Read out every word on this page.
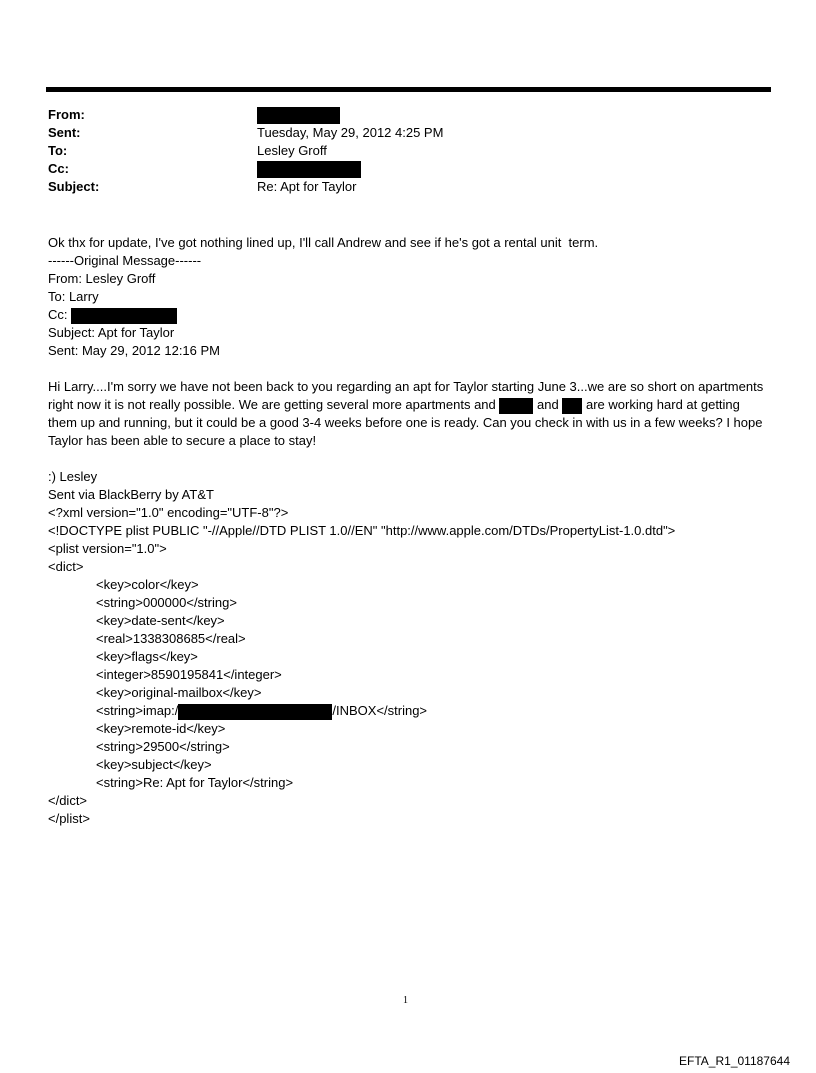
From:
Sent:	Tuesday, May 29, 2012 4:25 PM
To:	Lesley Groff
Cc:
Subject:	Re: Apt for Taylor
Ok thx for update, I've got nothing lined up, I'll call Andrew and see if he's got a rental unit  term.
------Original Message------
From: Lesley Groff
To: Larry
Cc:
Subject: Apt for Taylor
Sent: May 29, 2012 12:16 PM
Hi Larry....I'm sorry we have not been back to you regarding an apt for Taylor starting June 3...we are so short on apartments right now it is not really possible. We are getting several more apartments and	and are working hard at getting them up and running, but it could be a good 3-4 weeks before one is ready. Can you check in with us in a few weeks? I hope Taylor has been able to secure a place to stay!
:) Lesley
Sent via BlackBerry by AT&T
<?xml version="1.0" encoding="UTF-8"?>
<!DOCTYPE plist PUBLIC "-//Apple//DTD PLIST 1.0//EN" "http://www.apple.com/DTDs/PropertyList-1.0.dtd">
<plist version="1.0">
<dict>
<key>color</key>
<string>000000</string>
<key>date-sent</key>
<real>1338308685</real>
<key>flags</key>
<integer>8590195841</integer>
<key>original-mailbox</key>
<string>imap:/	/INBOX</string>
<key>remote-id</key>
<string>29500</string>
<key>subject</key>
<string>Re: Apt for Taylor</string>
</dict>
</plist>
1
EFTA_R1_01187644
